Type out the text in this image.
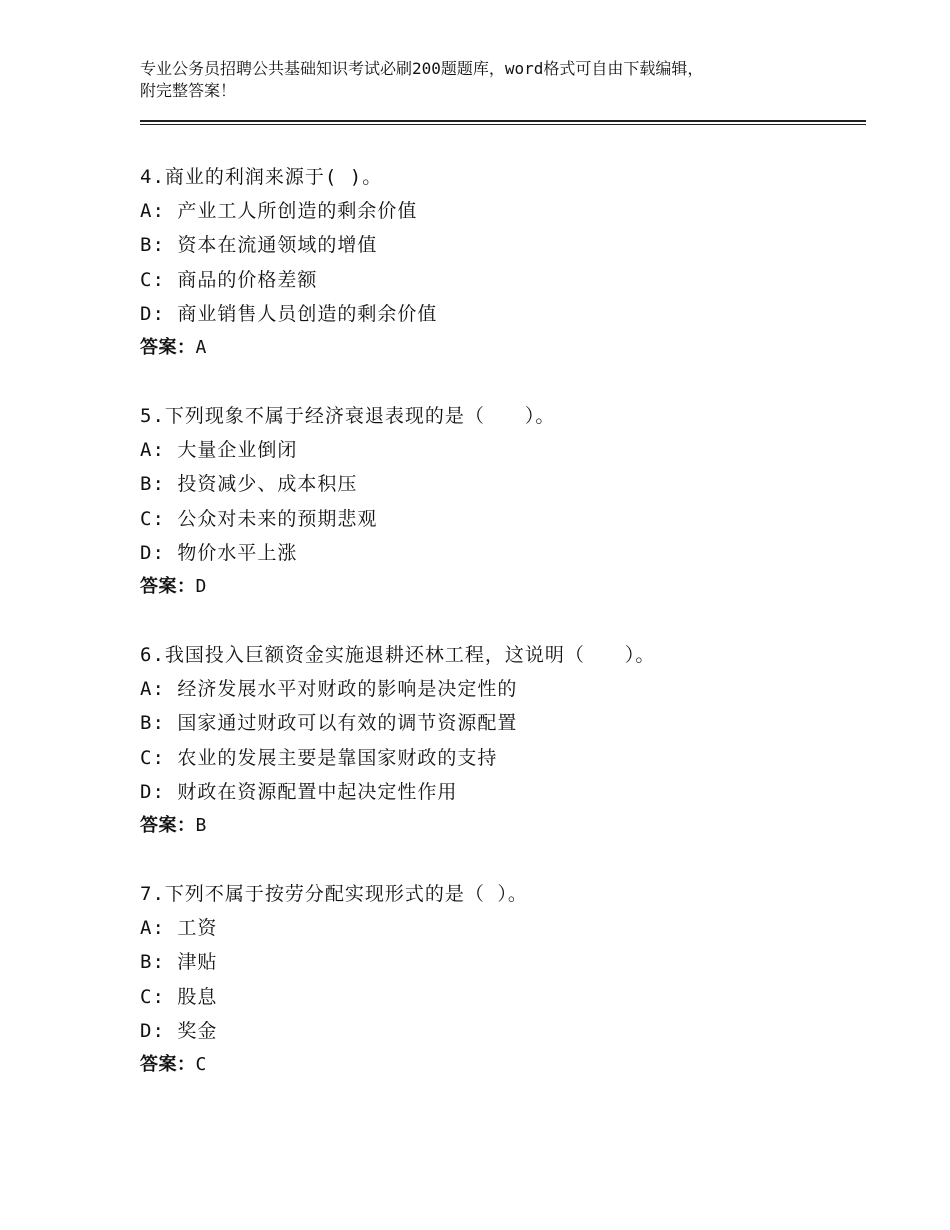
专业公务员招聘公共基础知识考试必刷200题题库，word格式可自由下载编辑，
附完整答案！
4.商业的利润来源于( )。
A: 产业工人所创造的剩余价值
B: 资本在流通领域的增值
C: 商品的价格差额
D: 商业销售人员创造的剩余价值
答案：A
5.下列现象不属于经济衰退表现的是（　　）。
A: 大量企业倒闭
B: 投资减少、成本积压
C: 公众对未来的预期悲观
D: 物价水平上涨
答案：D
6.我国投入巨额资金实施退耕还林工程，这说明（　　）。
A: 经济发展水平对财政的影响是决定性的
B: 国家通过财政可以有效的调节资源配置
C: 农业的发展主要是靠国家财政的支持
D: 财政在资源配置中起决定性作用
答案：B
7.下列不属于按劳分配实现形式的是（ ）。
A: 工资
B: 津贴
C: 股息
D: 奖金
答案：C
